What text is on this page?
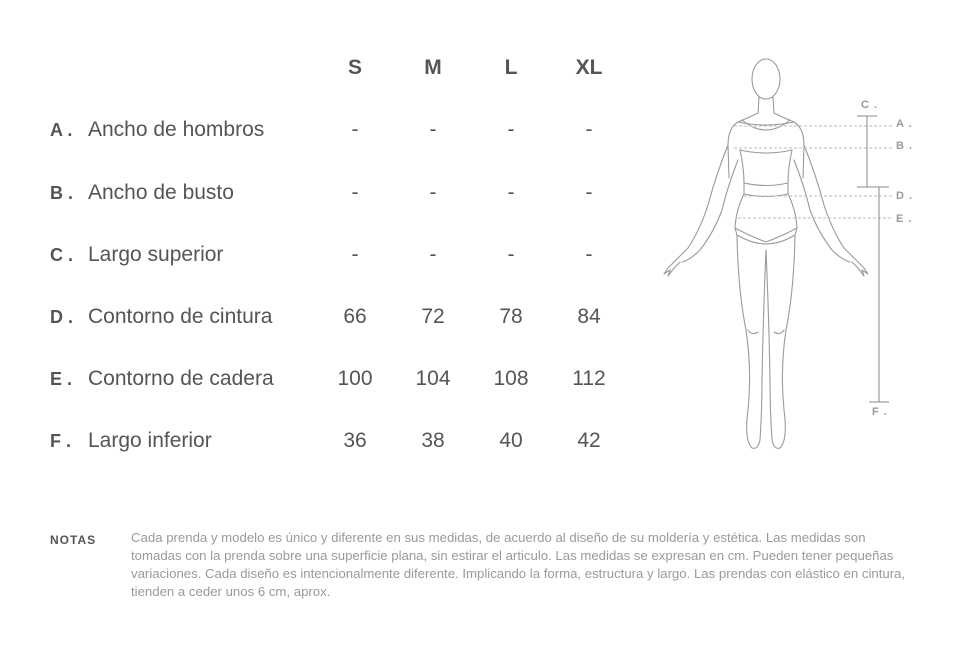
S	M	L	XL
A . Ancho de hombros	-	-	-	-
B . Ancho de busto	-	-	-	-
C . Largo superior	-	-	-	-
D . Contorno de cintura	66	72	78	84
E . Contorno de cadera	100	104	108	112
F . Largo inferior	36	38	40	42
C .
A .
B .
D .
E .
F .
NOTAS	Cada prenda y modelo es único y diferente en sus medidas, de acuerdo al diseño de su moldería y estética. Las medidas son tomadas con la prenda sobre una superficie plana, sin estirar el articulo. Las medidas se expresan en cm. Pueden tener pequeñas variaciones. Cada diseño es intencionalmente diferente. Implicando la forma, estructura y largo. Las prendas con elástico en cintura, tienden a ceder unos 6 cm, aprox.
